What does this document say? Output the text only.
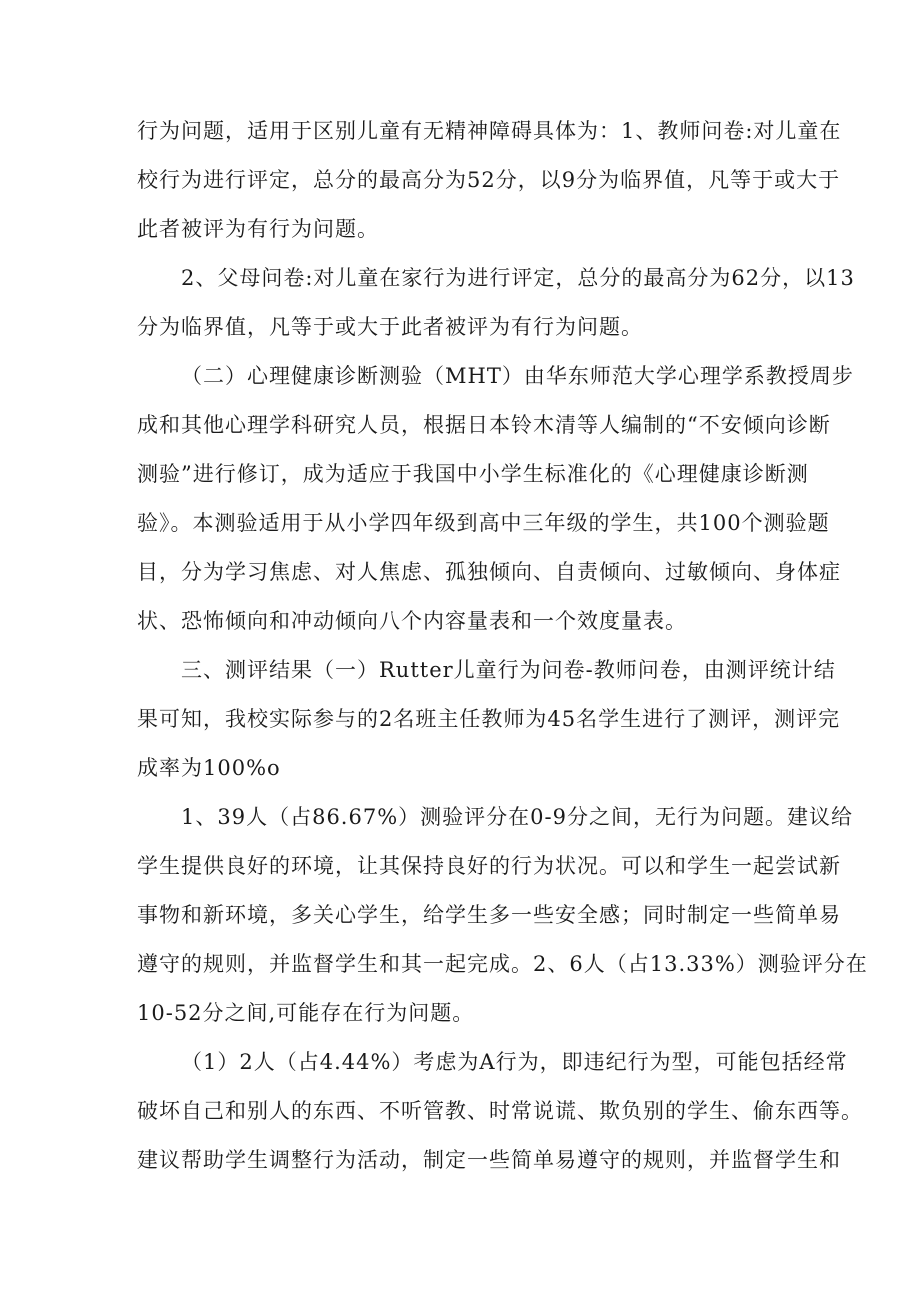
行为问题，适用于区别儿童有无精神障碍具体为：1、教师问卷:对儿童在
校行为进行评定，总分的最高分为52分，以9分为临界值，凡等于或大于
此者被评为有行为问题。
2、父母问卷:对儿童在家行为进行评定，总分的最高分为62分，以13
分为临界值，凡等于或大于此者被评为有行为问题。
（二）心理健康诊断测验（MHT）由华东师范大学心理学系教授周步
成和其他心理学科研究人员，根据日本铃木清等人编制的“不安倾向诊断
测验”进行修订，成为适应于我国中小学生标准化的《心理健康诊断测
验》。本测验适用于从小学四年级到高中三年级的学生，共100个测验题
目，分为学习焦虑、对人焦虑、孤独倾向、自责倾向、过敏倾向、身体症
状、恐怖倾向和冲动倾向八个内容量表和一个效度量表。
三、测评结果（一）Rutter儿童行为问卷-教师问卷，由测评统计结
果可知，我校实际参与的2名班主任教师为45名学生进行了测评，测评完
成率为100%o
1、39人（占86.67%）测验评分在0-9分之间，无行为问题。建议给
学生提供良好的环境，让其保持良好的行为状况。可以和学生一起尝试新
事物和新环境，多关心学生，给学生多一些安全感；同时制定一些简单易
遵守的规则，并监督学生和其一起完成。2、6人（占13.33%）测验评分在
10-52分之间,可能存在行为问题。
（1）2人（占4.44%）考虑为A行为，即违纪行为型，可能包括经常
破坏自己和别人的东西、不听管教、时常说谎、欺负别的学生、偷东西等。
建议帮助学生调整行为活动，制定一些简单易遵守的规则，并监督学生和
